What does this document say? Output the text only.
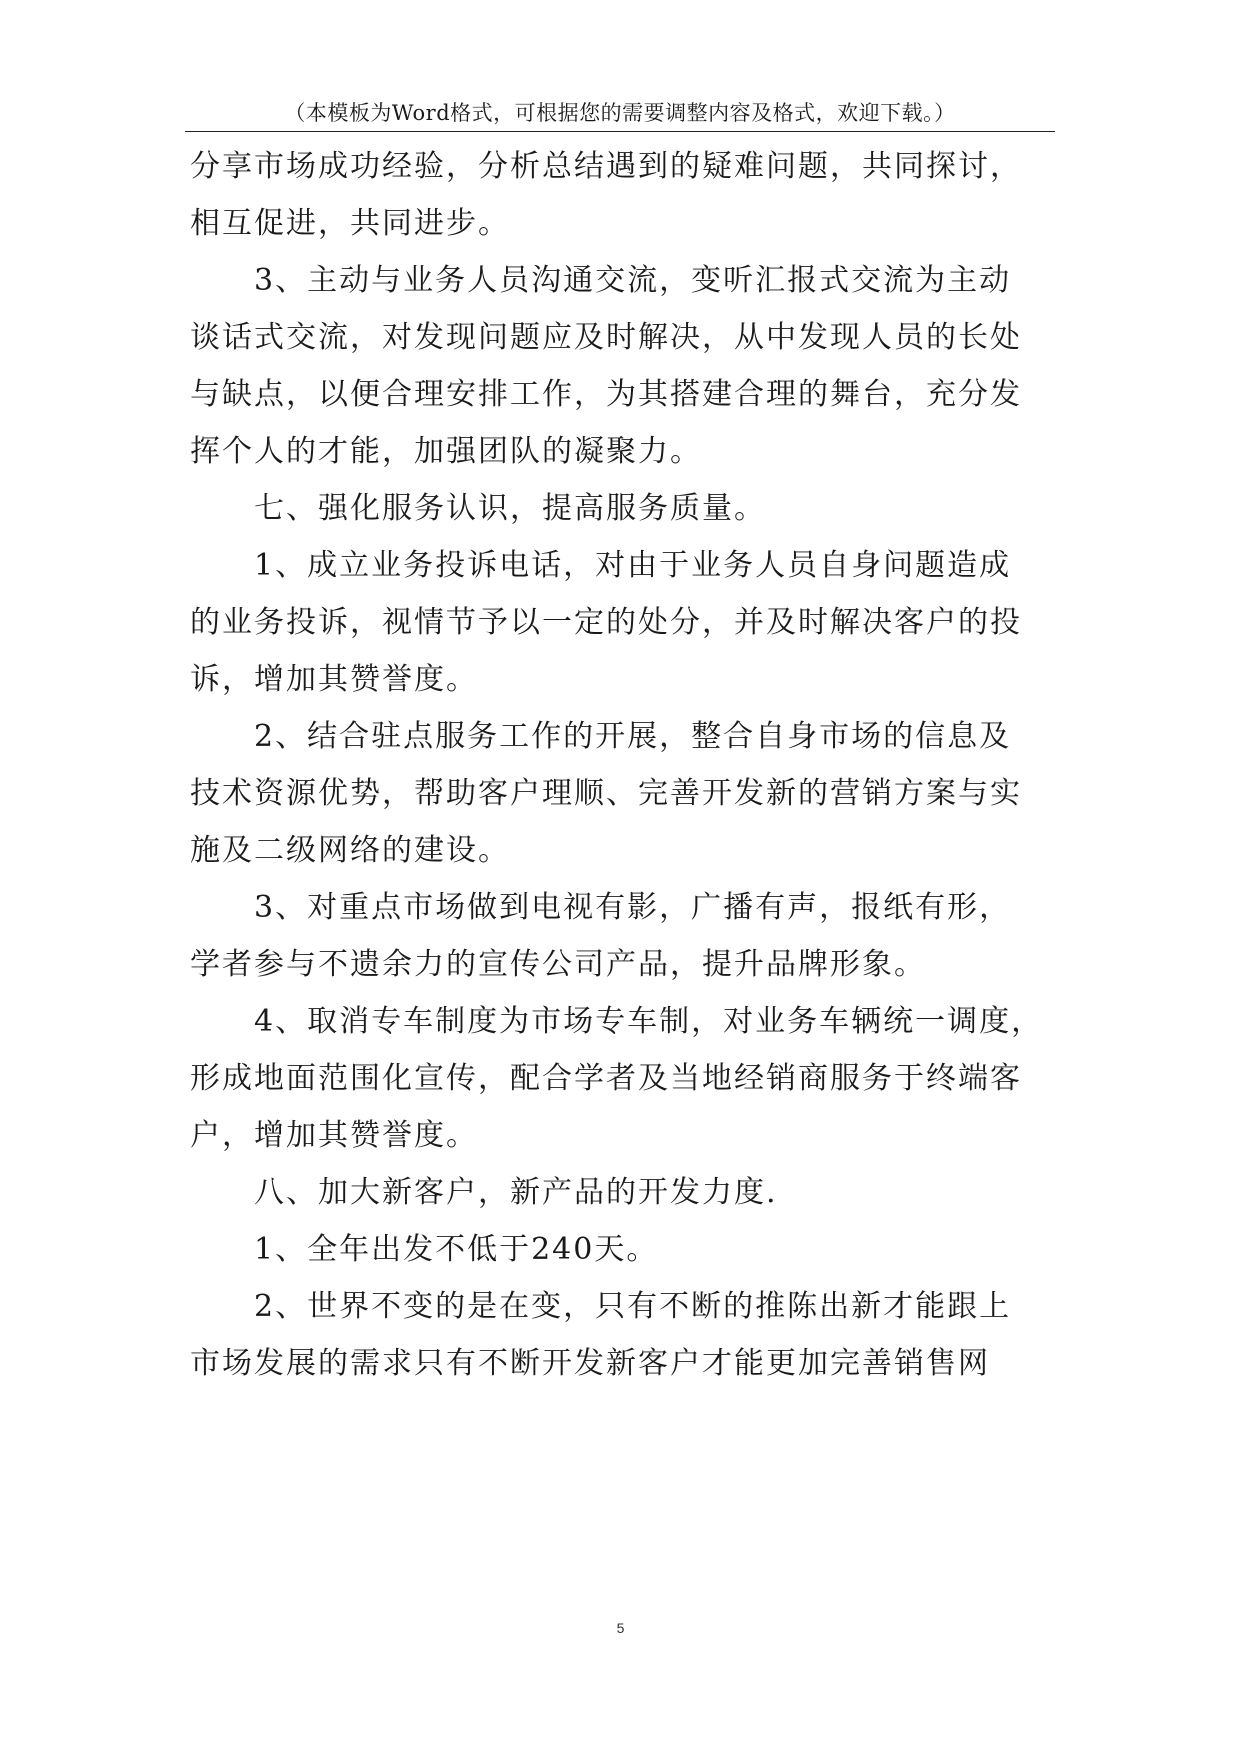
（本模板为Word格式，可根据您的需要调整内容及格式，欢迎下载。）
分享市场成功经验，分析总结遇到的疑难问题，共同探讨，
相互促进，共同进步。
3、主动与业务人员沟通交流，变听汇报式交流为主动
谈话式交流，对发现问题应及时解决，从中发现人员的长处
与缺点，以便合理安排工作，为其搭建合理的舞台，充分发
挥个人的才能，加强团队的凝聚力。
七、强化服务认识，提高服务质量。
1、成立业务投诉电话，对由于业务人员自身问题造成
的业务投诉，视情节予以一定的处分，并及时解决客户的投
诉，增加其赞誉度。
2、结合驻点服务工作的开展，整合自身市场的信息及
技术资源优势，帮助客户理顺、完善开发新的营销方案与实
施及二级网络的建设。
3、对重点市场做到电视有影，广播有声，报纸有形，
学者参与不遗余力的宣传公司产品，提升品牌形象。
4、取消专车制度为市场专车制，对业务车辆统一调度，
形成地面范围化宣传，配合学者及当地经销商服务于终端客
户，增加其赞誉度。
八、加大新客户，新产品的开发力度.
1、全年出发不低于240天。
2、世界不变的是在变，只有不断的推陈出新才能跟上
市场发展的需求只有不断开发新客户才能更加完善销售网
5
